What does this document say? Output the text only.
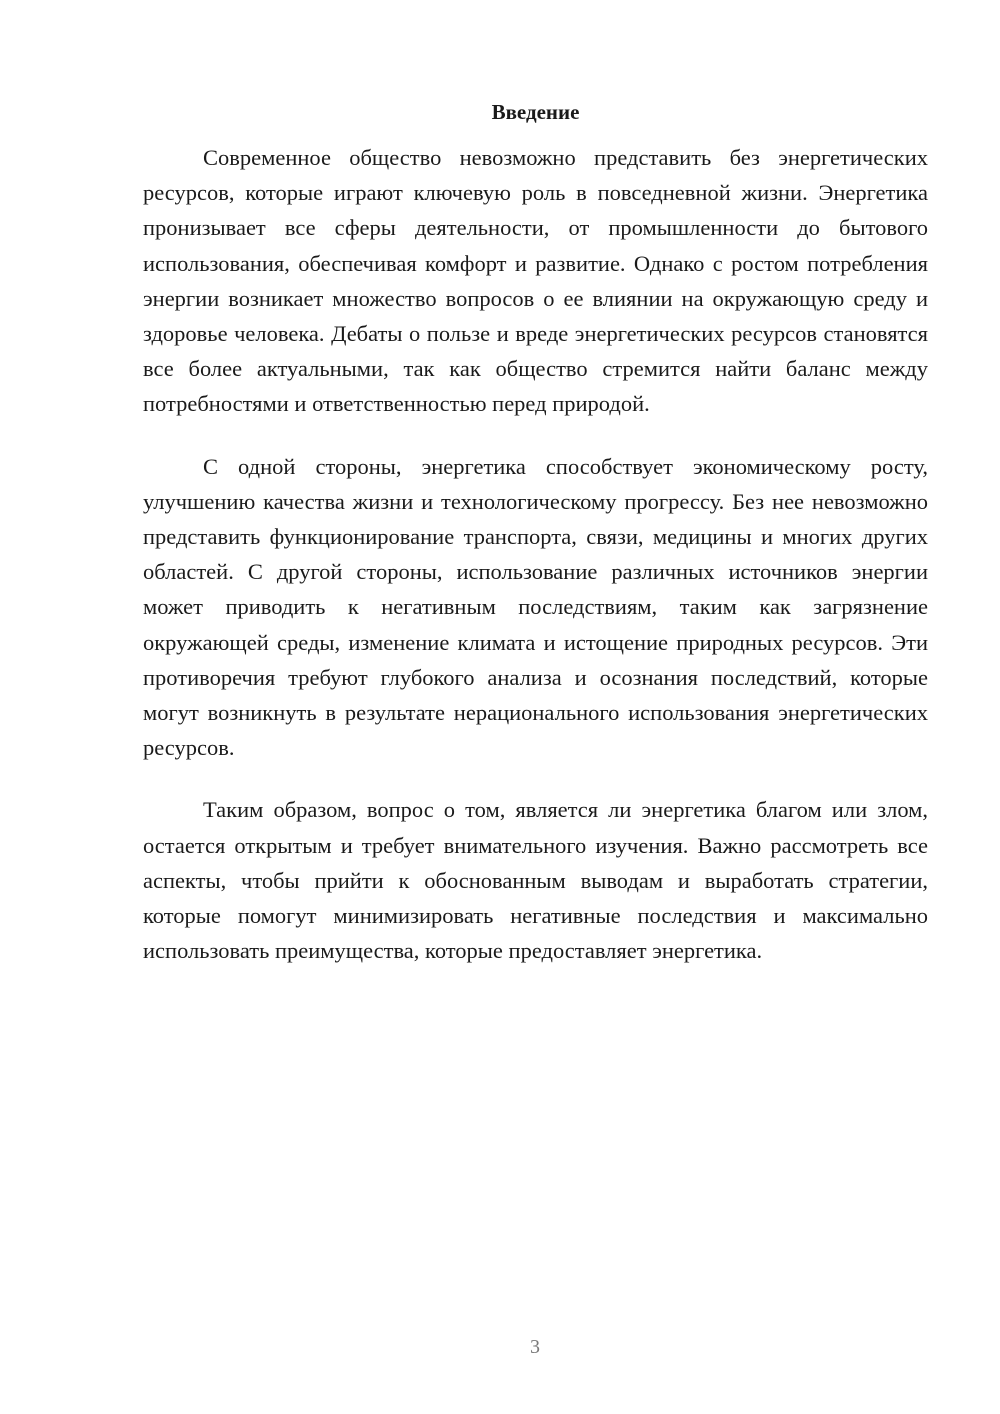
Введение

Современное общество невозможно представить без энергетических ресурсов, которые играют ключевую роль в повседневной жизни. Энергетика пронизывает все сферы деятельности, от промышленности до бытового использования, обеспечивая комфорт и развитие. Однако с ростом потребления энергии возникает множество вопросов о ее влиянии на окружающую среду и здоровье человека. Дебаты о пользе и вреде энергетических ресурсов становятся все более актуальными, так как общество стремится найти баланс между потребностями и ответственностью перед природой.

С одной стороны, энергетика способствует экономическому росту, улучшению качества жизни и технологическому прогрессу. Без нее невозможно представить функционирование транспорта, связи, медицины и многих других областей. С другой стороны, использование различных источников энергии может приводить к негативным последствиям, таким как загрязнение окружающей среды, изменение климата и истощение природных ресурсов. Эти противоречия требуют глубокого анализа и осознания последствий, которые могут возникнуть в результате нерационального использования энергетических ресурсов.

Таким образом, вопрос о том, является ли энергетика благом или злом, остается открытым и требует внимательного изучения. Важно рассмотреть все аспекты, чтобы прийти к обоснованным выводам и выработать стратегии, которые помогут минимизировать негативные последствия и максимально использовать преимущества, которые предоставляет энергетика.

3
